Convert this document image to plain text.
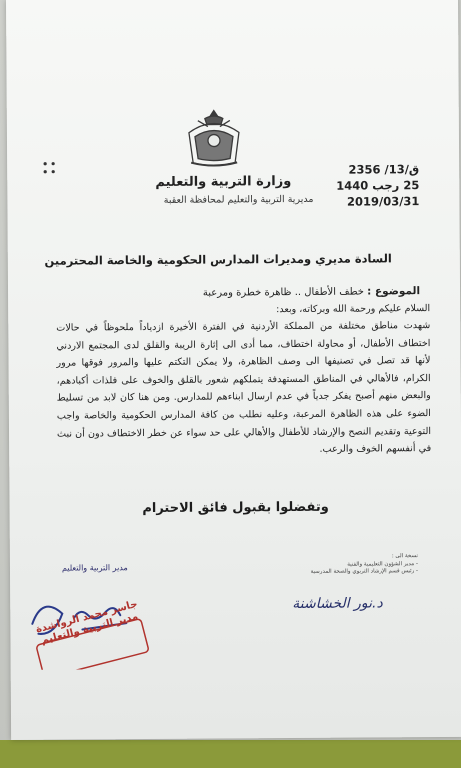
وزارة التربية والتعليم
مديرية التربية والتعليم لمحافظة العقبة
ق/13/ 2356
25 رجب 1440
2019/03/31
السادة مديري ومديرات المدارس الحكومية والخاصة المحترمين
الموضوع : خطف الأطفال .. ظاهرة خطرة ومرعبة
السلام عليكم ورحمة الله وبركاته، وبعد:
شهدت مناطق مختلفة من المملكة الأردنية في الفترة الأخيرة ازدياداً ملحوظاً في حالات اختطاف الأطفال، أو محاولة اختطاف، مما أدى الى إثارة الريبة والقلق لدى المجتمع الاردني لأنها قد تصل في تصنيفها الى وصف الظاهرة، ولا يمكن التكتم عليها والمرور فوقها مرور الكرام، فالأهالي في المناطق المستهدفة يتملكهم شعور بالقلق والخوف على فلذات أكبادهم، والبعض منهم أصبح يفكر جدياً في عدم ارسال ابناءهم للمدارس. ومن هنا كان لابد من تسليط الضوء على هذه الظاهرة المرعبة، وعليه نطلب من كافة المدارس الحكومية والخاصة واجب التوعية وتقديم النصح والإرشاد للأطفال والأهالي على حد سواء عن خطر الاختطاف دون أن نبث في أنفسهم الخوف والرعب.
وتفضلوا بقبول فائق الاحترام
مدير التربية والتعليم
جاسر محمد الرواشدة مدير التربية والتعليم
نسخة الى :
- مدير الشؤون التعليمية والفنية
- رئيس قسم الإرشاد التربوي والصحة المدرسية
د.نور الخشاشنة
